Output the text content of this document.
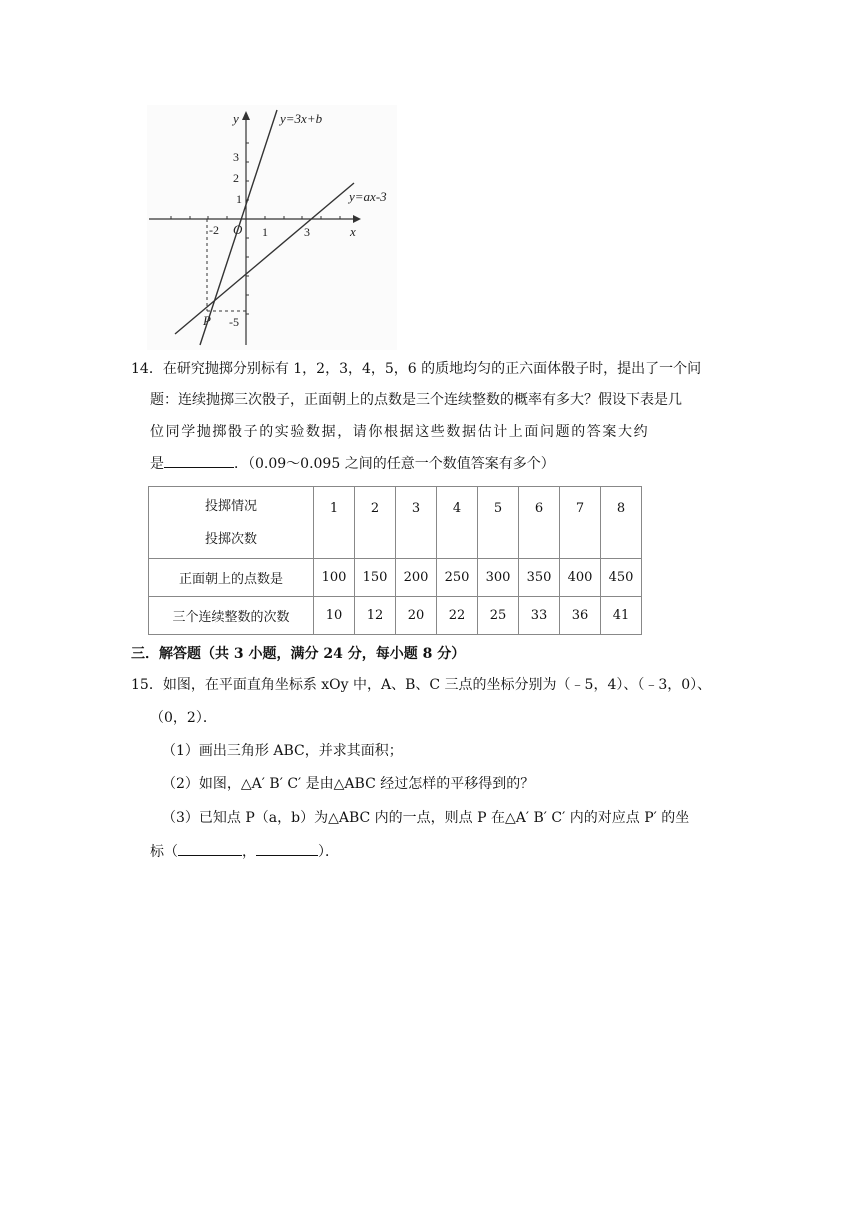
y
x
y=3x+b
y=ax-3
O
P
3
2
1
-2	1	3
-5
14．在研究抛掷分别标有 1，2，3，4，5，6 的质地均匀的正六面体骰子时，提出了一个问
题：连续抛掷三次骰子，正面朝上的点数是三个连续整数的概率有多大？假设下表是几
位同学抛掷骰子的实验数据，请你根据这些数据估计上面问题的答案大约
是	．（0.09～0.095 之间的任意一个数值答案有多个）
投掷情况
投掷次数	1	2	3	4	5	6	7	8
正面朝上的点数是	100	150	200	250	300	350	400	450
三个连续整数的次数	10	12	20	22	25	33	36	41
三．解答题（共 3 小题，满分 24 分，每小题 8 分）
15．如图，在平面直角坐标系 xOy 中，A、B、C 三点的坐标分别为（﹣5，4）、（﹣3，0）、
（0，2）．
（1）画出三角形 ABC，并求其面积；
（2）如图，△A′ B′ C′ 是由△ABC 经过怎样的平移得到的？
（3）已知点 P（a，b）为△ABC 内的一点，则点 P 在△A′ B′ C′ 内的对应点 P′ 的坐
标（	，	）．
